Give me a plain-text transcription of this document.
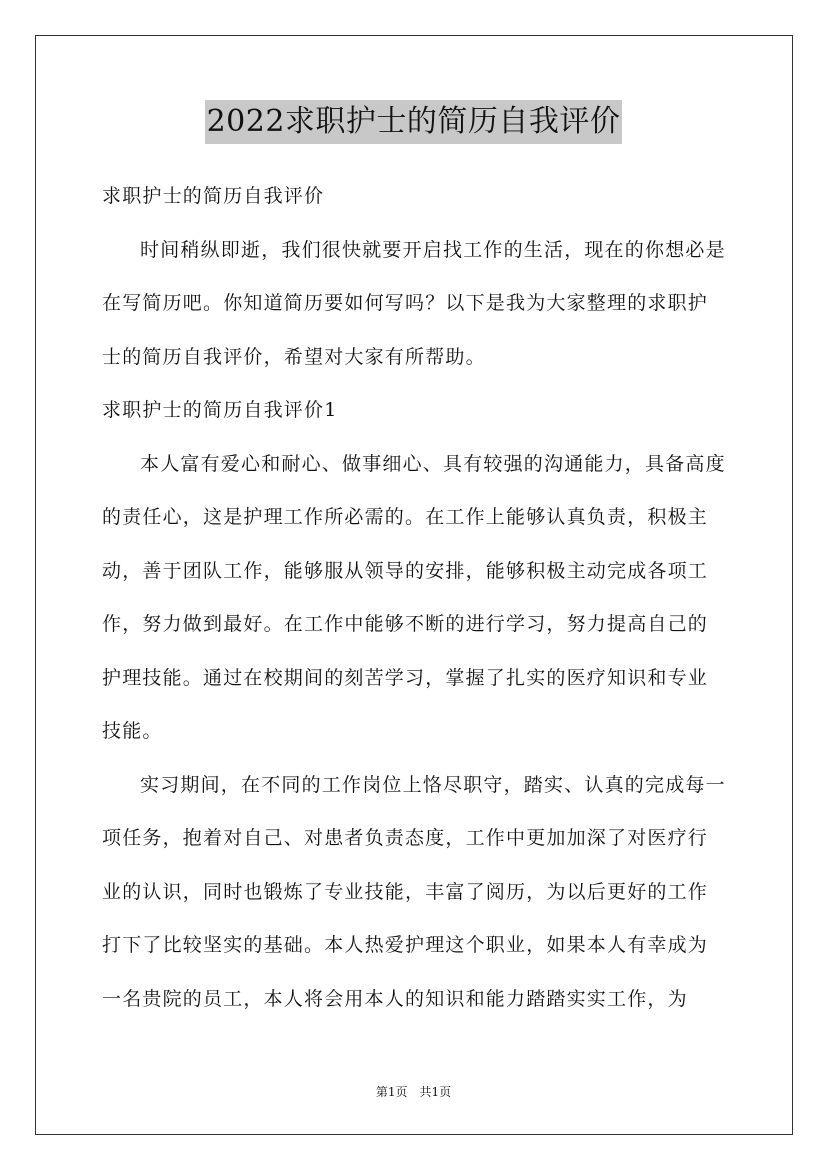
2022求职护士的简历自我评价

求职护士的简历自我评价

时间稍纵即逝，我们很快就要开启找工作的生活，现在的你想必是在写简历吧。你知道简历要如何写吗？以下是我为大家整理的求职护士的简历自我评价，希望对大家有所帮助。

求职护士的简历自我评价1

本人富有爱心和耐心、做事细心、具有较强的沟通能力，具备高度的责任心，这是护理工作所必需的。在工作上能够认真负责，积极主动，善于团队工作，能够服从领导的安排，能够积极主动完成各项工作，努力做到最好。在工作中能够不断的进行学习，努力提高自己的护理技能。通过在校期间的刻苦学习，掌握了扎实的医疗知识和专业技能。

实习期间，在不同的工作岗位上恪尽职守，踏实、认真的完成每一项任务，抱着对自己、对患者负责态度，工作中更加加深了对医疗行业的认识，同时也锻炼了专业技能，丰富了阅历，为以后更好的工作打下了比较坚实的基础。本人热爱护理这个职业，如果本人有幸成为一名贵院的员工，本人将会用本人的知识和能力踏踏实实工作，为

第1页　共1页
